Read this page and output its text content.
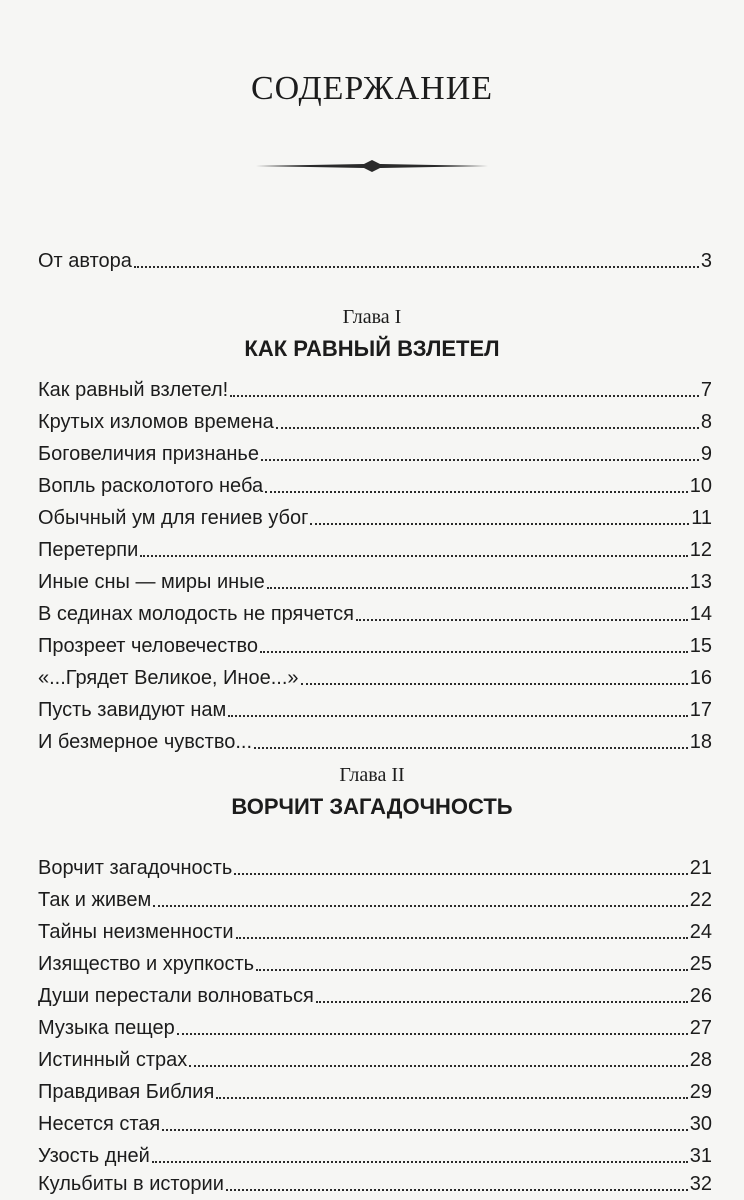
СОДЕРЖАНИЕ
От автора	3
Глава I
КАК РАВНЫЙ ВЗЛЕТЕЛ
Как равный взлетел!	7
Крутых изломов времена	8
Боговеличия признанье	9
Вопль расколотого неба	10
Обычный ум для гениев убог	11
Перетерпи	12
Иные сны — миры иные	13
В сединах молодость не прячется	14
Прозреет человечество	15
«...Грядет Великое, Иное...»	16
Пусть завидуют нам	17
И безмерное чувство...	18
Глава II
ВОРЧИТ ЗАГАДОЧНОСТЬ
Ворчит загадочность	21
Так и живем	22
Тайны неизменности	24
Изящество и хрупкость	25
Души перестали волноваться	26
Музыка пещер	27
Истинный страх	28
Правдивая Библия	29
Несется стая	30
Узость дней	31
Кульбиты в истории	32
